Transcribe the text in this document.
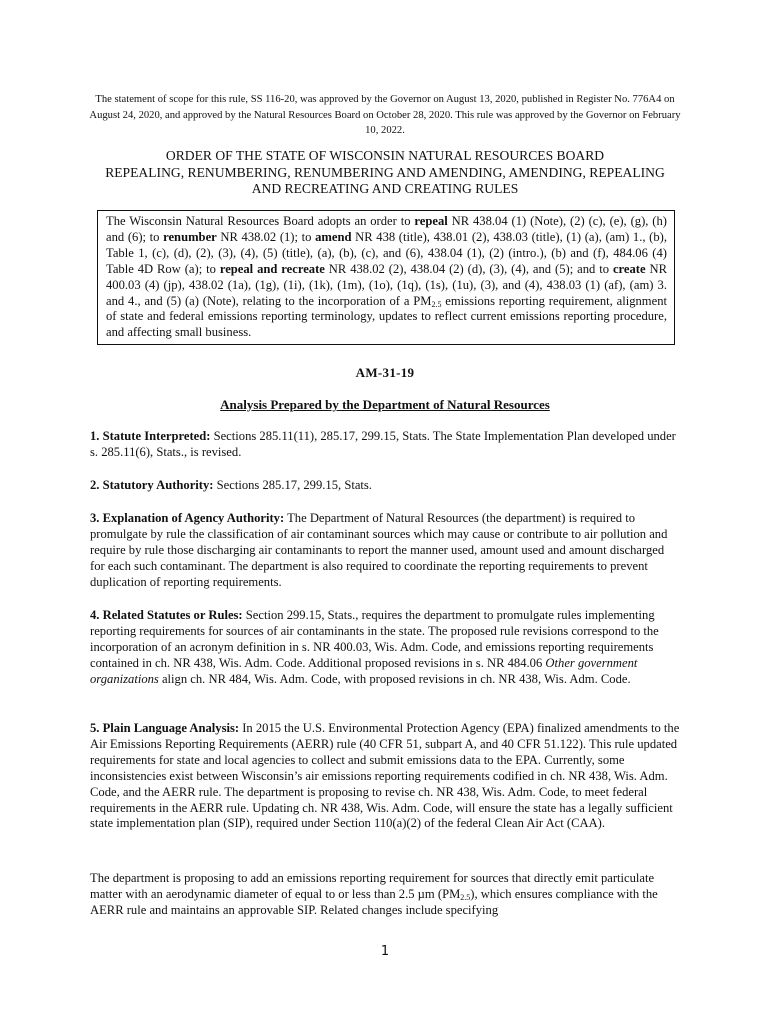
The statement of scope for this rule, SS 116-20, was approved by the Governor on August 13, 2020, published in Register No. 776A4 on August 24, 2020, and approved by the Natural Resources Board on October 28, 2020. This rule was approved by the Governor on February 10, 2022.
ORDER OF THE STATE OF WISCONSIN NATURAL RESOURCES BOARD
REPEALING, RENUMBERING, RENUMBERING AND AMENDING, AMENDING, REPEALING
AND RECREATING AND CREATING RULES
The Wisconsin Natural Resources Board adopts an order to repeal NR 438.04 (1) (Note), (2) (c), (e), (g), (h) and (6); to renumber NR 438.02 (1); to amend NR 438 (title), 438.01 (2), 438.03 (title), (1) (a), (am) 1., (b), Table 1, (c), (d), (2), (3), (4), (5) (title), (a), (b), (c), and (6), 438.04 (1), (2) (intro.), (b) and (f), 484.06 (4) Table 4D Row (a); to repeal and recreate NR 438.02 (2), 438.04 (2) (d), (3), (4), and (5); and to create NR 400.03 (4) (jp), 438.02 (1a), (1g), (1i), (1k), (1m), (1o), (1q), (1s), (1u), (3), and (4), 438.03 (1) (af), (am) 3. and 4., and (5) (a) (Note), relating to the incorporation of a $PM_{2.5}$ emissions reporting requirement, alignment of state and federal emissions reporting terminology, updates to reflect current emissions reporting procedure, and affecting small business.
AM-31-19
Analysis Prepared by the Department of Natural Resources
1. Statute Interpreted: Sections 285.11(11), 285.17, 299.15, Stats. The State Implementation Plan developed under s. 285.11(6), Stats., is revised.
2. Statutory Authority: Sections 285.17, 299.15, Stats.
3. Explanation of Agency Authority: The Department of Natural Resources (the department) is required to promulgate by rule the classification of air contaminant sources which may cause or contribute to air pollution and require by rule those discharging air contaminants to report the manner used, amount used and amount discharged for each such contaminant. The department is also required to coordinate the reporting requirements to prevent duplication of reporting requirements.
4. Related Statutes or Rules: Section 299.15, Stats., requires the department to promulgate rules implementing reporting requirements for sources of air contaminants in the state. The proposed rule revisions correspond to the incorporation of an acronym definition in s. NR 400.03, Wis. Adm. Code, and emissions reporting requirements contained in ch. NR 438, Wis. Adm. Code. Additional proposed revisions in s. NR 484.06 Other government organizations align ch. NR 484, Wis. Adm. Code, with proposed revisions in ch. NR 438, Wis. Adm. Code.
5. Plain Language Analysis: In 2015 the U.S. Environmental Protection Agency (EPA) finalized amendments to the Air Emissions Reporting Requirements (AERR) rule (40 CFR 51, subpart A, and 40 CFR 51.122). This rule updated requirements for state and local agencies to collect and submit emissions data to the EPA. Currently, some inconsistencies exist between Wisconsin’s air emissions reporting requirements codified in ch. NR 438, Wis. Adm. Code, and the AERR rule. The department is proposing to revise ch. NR 438, Wis. Adm. Code, to meet federal requirements in the AERR rule. Updating ch. NR 438, Wis. Adm. Code, will ensure the state has a legally sufficient state implementation plan (SIP), required under Section 110(a)(2) of the federal Clean Air Act (CAA).
The department is proposing to add an emissions reporting requirement for sources that directly emit particulate matter with an aerodynamic diameter of equal to or less than 2.5 µm $(PM_{2.5})$, which ensures compliance with the AERR rule and maintains an approvable SIP. Related changes include specifying
1
